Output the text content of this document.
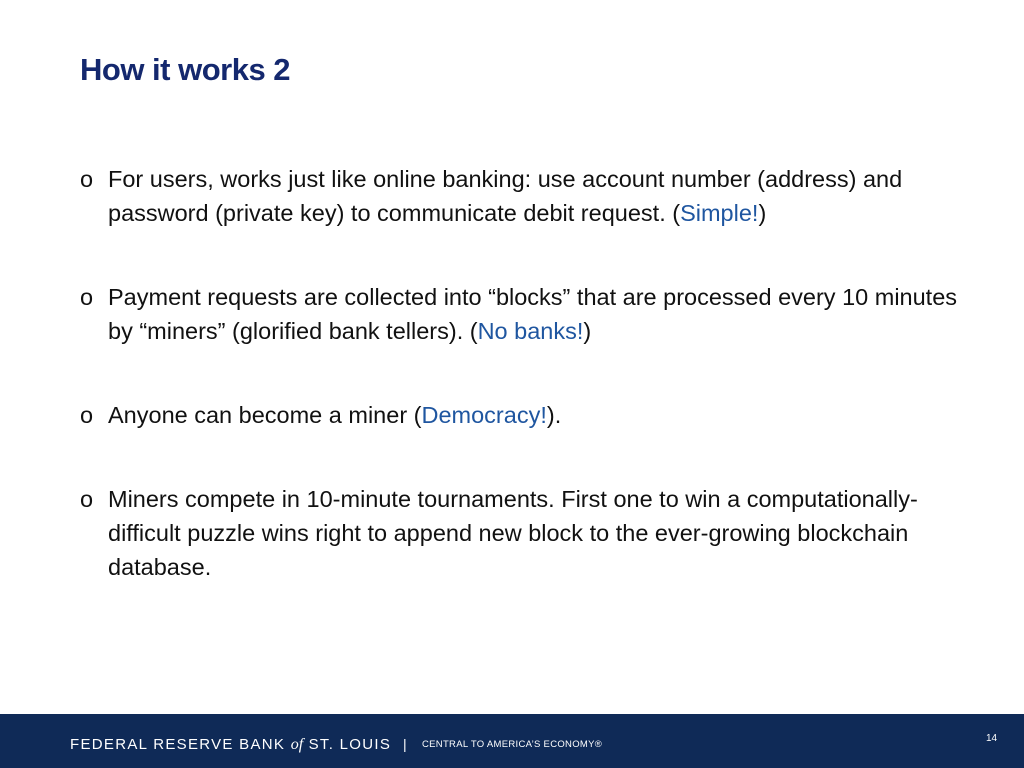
How it works 2
o For users, works just like online banking: use account number (address) and password (private key) to communicate debit request. (Simple!)
o Payment requests are collected into “blocks” that are processed every 10 minutes by “miners” (glorified bank tellers). (No banks!)
o Anyone can become a miner (Democracy!).
o Miners compete in 10-minute tournaments. First one to win a computationally-difficult puzzle wins right to append new block to the ever-growing blockchain database.
FEDERAL RESERVE BANK of ST. LOUIS | CENTRAL TO AMERICA’S ECONOMY®
14
